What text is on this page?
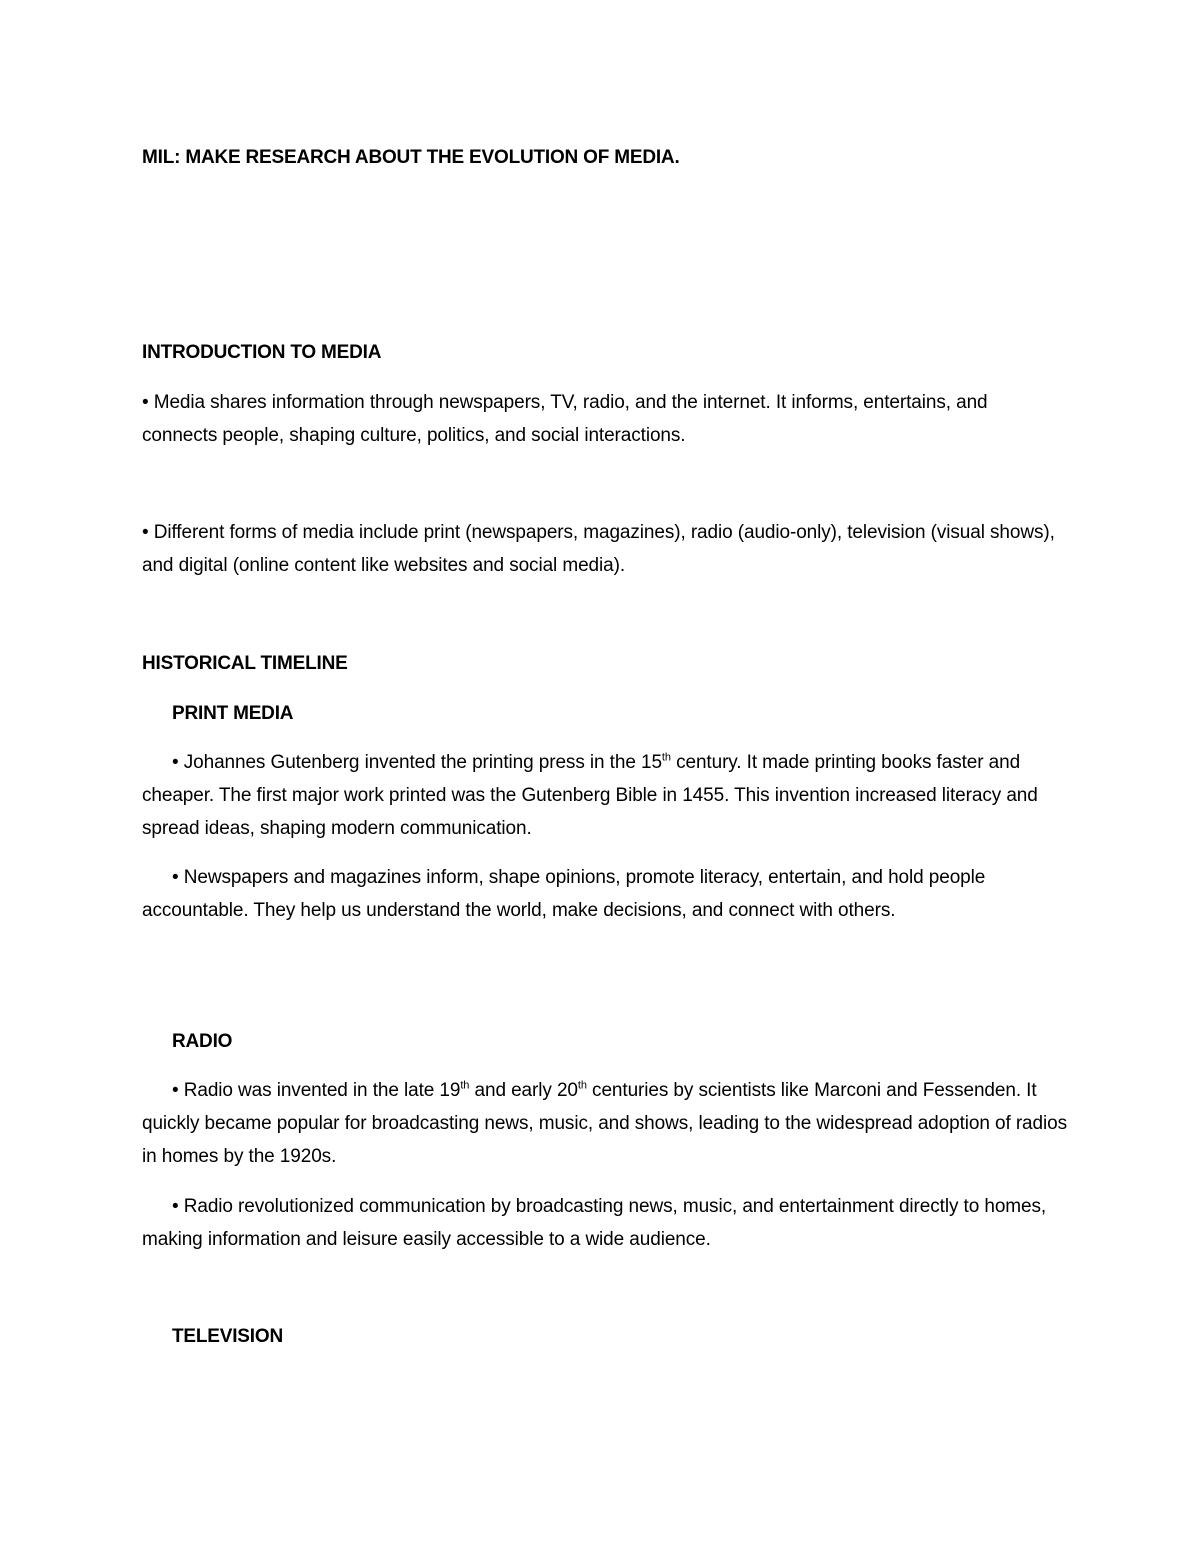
MIL: MAKE RESEARCH ABOUT THE EVOLUTION OF MEDIA.

INTRODUCTION TO MEDIA

• Media shares information through newspapers, TV, radio, and the internet. It informs, entertains, and connects people, shaping culture, politics, and social interactions.

• Different forms of media include print (newspapers, magazines), radio (audio-only), television (visual shows), and digital (online content like websites and social media).

HISTORICAL TIMELINE

PRINT MEDIA

• Johannes Gutenberg invented the printing press in the 15th century. It made printing books faster and cheaper. The first major work printed was the Gutenberg Bible in 1455. This invention increased literacy and spread ideas, shaping modern communication.

• Newspapers and magazines inform, shape opinions, promote literacy, entertain, and hold people accountable. They help us understand the world, make decisions, and connect with others.

RADIO

• Radio was invented in the late 19th and early 20th centuries by scientists like Marconi and Fessenden. It quickly became popular for broadcasting news, music, and shows, leading to the widespread adoption of radios in homes by the 1920s.

• Radio revolutionized communication by broadcasting news, music, and entertainment directly to homes, making information and leisure easily accessible to a wide audience.

TELEVISION
